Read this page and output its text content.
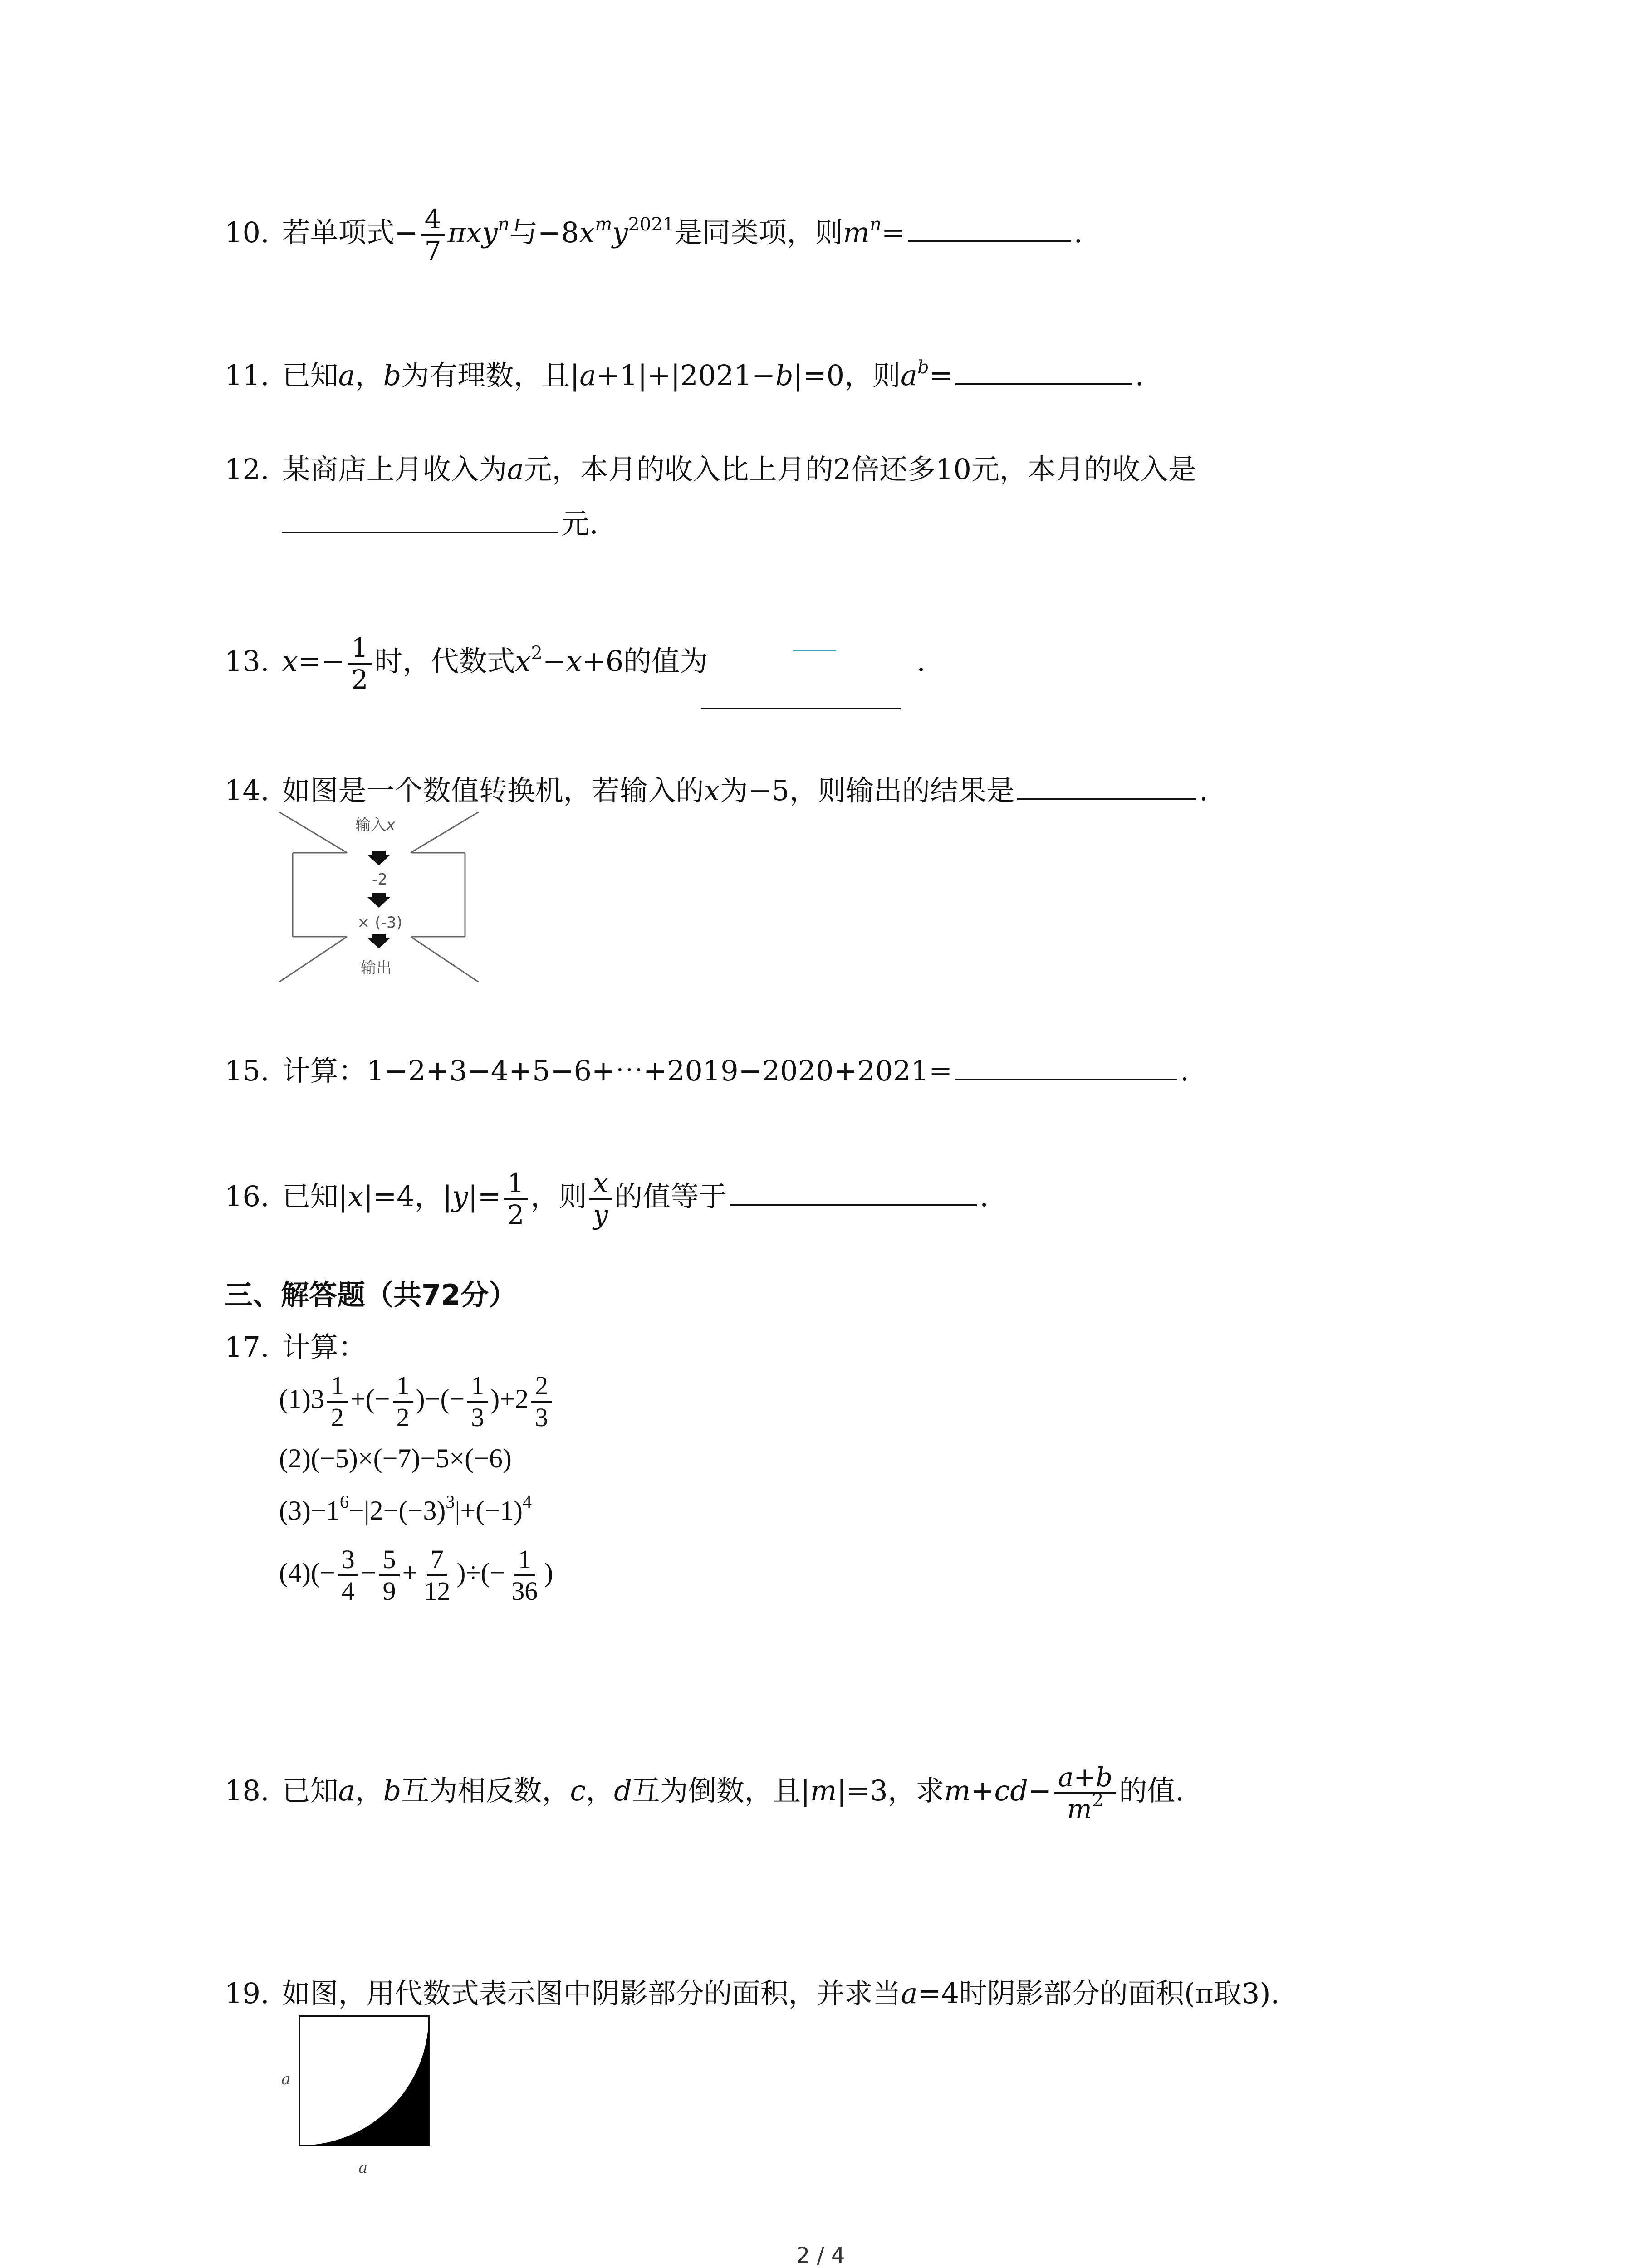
10. 若单项式− $\frac{4}{7} \pi xy^n$与$-8x^my^{2021}$是同类项，则$m^n=$	.
11. 已知a，b为有理数，且|a+1|+|2021−b|=0，则$a^b=$	.
12. 某商店上月收入为a元，本月的收入比上月的2倍还多10元，本月的收入是
元.
13. $x=- \frac{1}{2}$ 时，代数式$x^2-x+6$的值为	.
14. 如图是一个数值转换机，若输入的x为−5，则输出的结果是	.
输入x
-2
× (-3)
输出
15. 计算：1−2+3−4+5−6+⋯+2019−2020+2021=	.
16. 已知|x|=4，$|y|= \frac{1}{2}$ ，则 $\frac{x}{y}$ 的值等于	.
三、解答题（共72分）
17. 计算：
$(1)3 \frac{1}{2}$ +(− $\frac{1}{2}$ )−(− $\frac{1}{3} )+2 \frac{2}{3}$
(2)(−5)×(−7)−5×(−6)
$(3)-1^6-|2-(-3)^3|+(-1)^4$
$(4)(- \frac{3}{4} - \frac{5}{9} + \frac{7}{12}$ )÷(− $\frac{1}{36}$ )
18. 已知a，b互为相反数，c，d互为倒数，且|m|=3，求$m+cd- \frac{a+b}{m^2}$ 的值.
19. 如图，用代数式表示图中阴影部分的面积，并求当a=4时阴影部分的面积(π取3).
a
a
2 / 4
